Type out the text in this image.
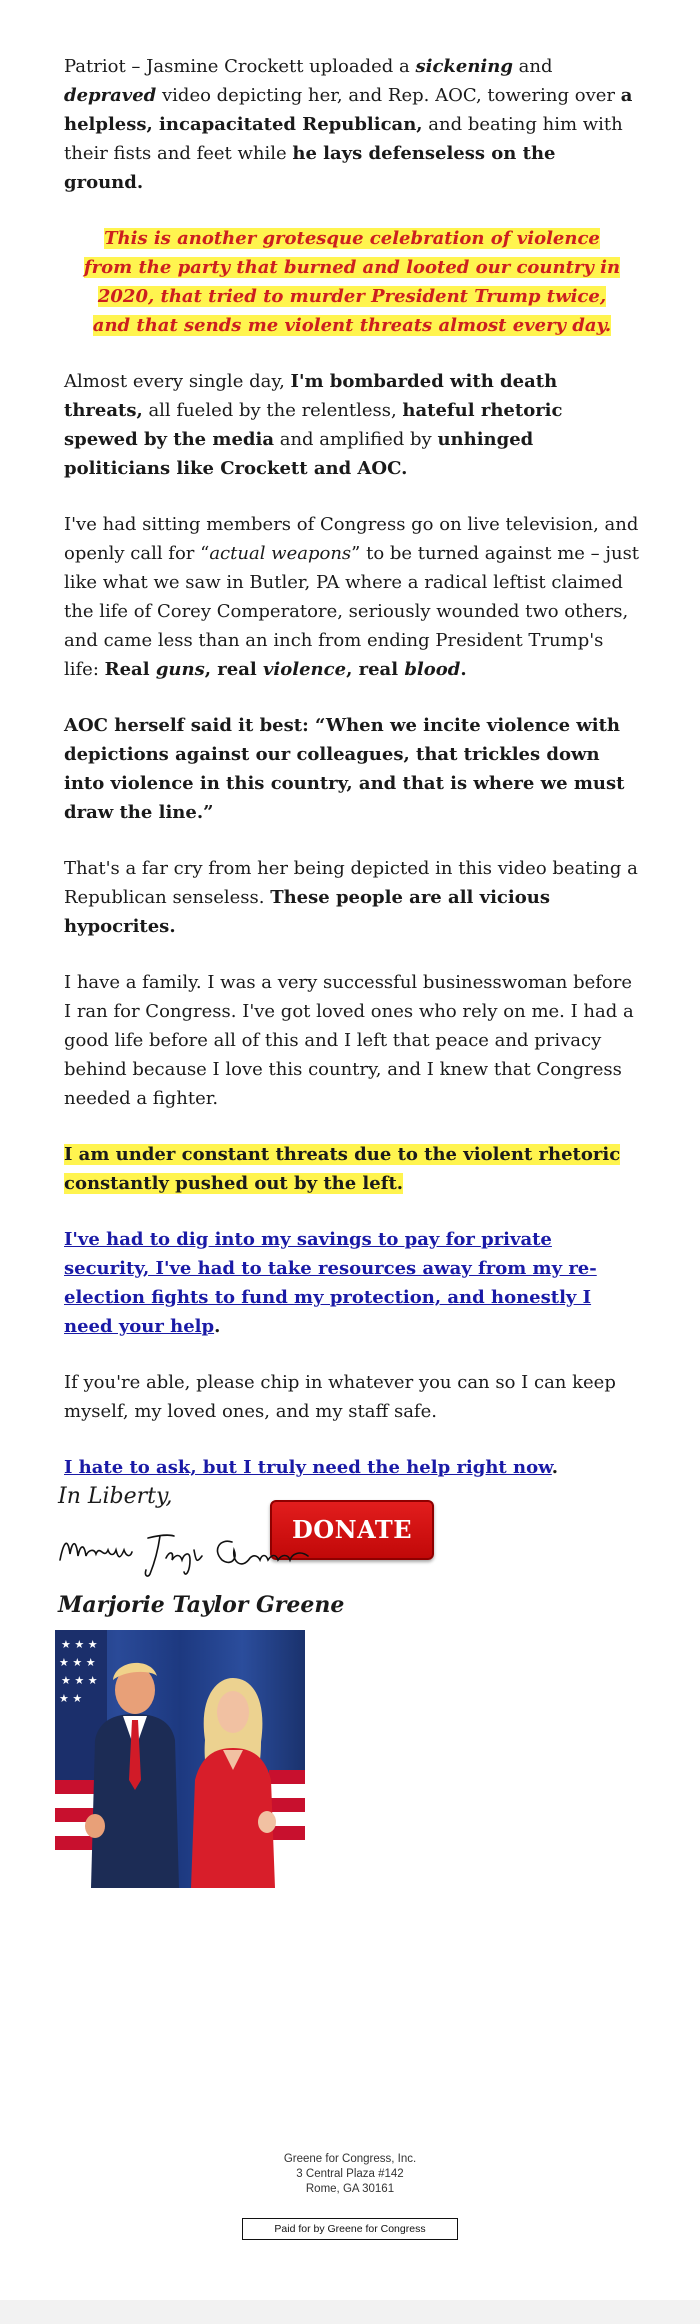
Patriot – Jasmine Crockett uploaded a sickening and depraved video depicting her, and Rep. AOC, towering over a helpless, incapacitated Republican, and beating him with their fists and feet while he lays defenseless on the ground.

This is another grotesque celebration of violence from the party that burned and looted our country in 2020, that tried to murder President Trump twice, and that sends me violent threats almost every day.

Almost every single day, I'm bombarded with death threats, all fueled by the relentless, hateful rhetoric spewed by the media and amplified by unhinged politicians like Crockett and AOC.

I've had sitting members of Congress go on live television, and openly call for “actual weapons” to be turned against me – just like what we saw in Butler, PA where a radical leftist claimed the life of Corey Comperatore, seriously wounded two others, and came less than an inch from ending President Trump's life: Real guns, real violence, real blood.

AOC herself said it best: “When we incite violence with depictions against our colleagues, that trickles down into violence in this country, and that is where we must draw the line.”

That's a far cry from her being depicted in this video beating a Republican senseless. These people are all vicious hypocrites.

I have a family. I was a very successful businesswoman before I ran for Congress. I've got loved ones who rely on me. I had a good life before all of this and I left that peace and privacy behind because I love this country, and I knew that Congress needed a fighter.

I am under constant threats due to the violent rhetoric constantly pushed out by the left.

I've had to dig into my savings to pay for private security, I've had to take resources away from my re-election fights to fund my protection, and honestly I need your help.

If you're able, please chip in whatever you can so I can keep myself, my loved ones, and my staff safe.

I hate to ask, but I truly need the help right now.

DONATE
In Liberty,
Marjorie Taylor Greene
★ ★ ★
★ ★ ★
★ ★ ★
★ ★
Greene for Congress, Inc.
3 Central Plaza #142
Rome, GA 30161
Paid for by Greene for Congress
